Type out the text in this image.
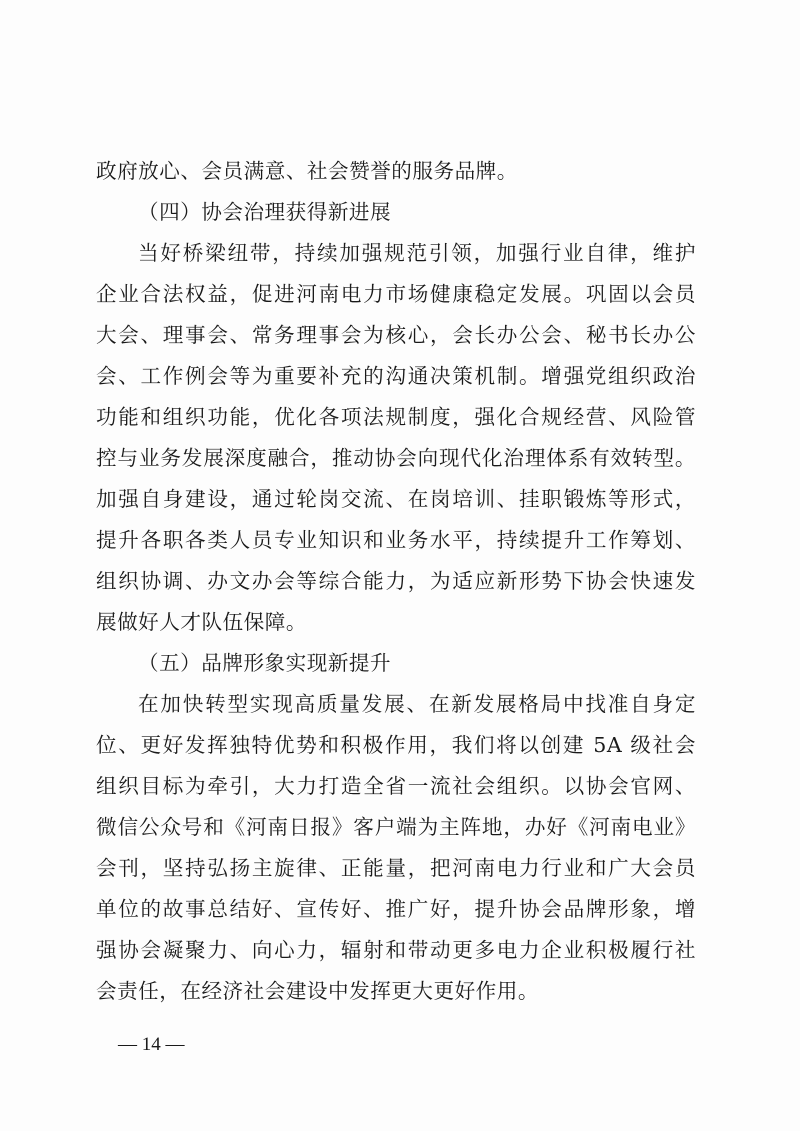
政府放心、会员满意、社会赞誉的服务品牌。
（四）协会治理获得新进展
当好桥梁纽带，持续加强规范引领，加强行业自律，维护
企业合法权益，促进河南电力市场健康稳定发展。巩固以会员
大会、理事会、常务理事会为核心，会长办公会、秘书长办公
会、工作例会等为重要补充的沟通决策机制。增强党组织政治
功能和组织功能，优化各项法规制度，强化合规经营、风险管
控与业务发展深度融合，推动协会向现代化治理体系有效转型。
加强自身建设，通过轮岗交流、在岗培训、挂职锻炼等形式，
提升各职各类人员专业知识和业务水平，持续提升工作筹划、
组织协调、办文办会等综合能力，为适应新形势下协会快速发
展做好人才队伍保障。
（五）品牌形象实现新提升
在加快转型实现高质量发展、在新发展格局中找准自身定
位、更好发挥独特优势和积极作用，我们将以创建 5A 级社会
组织目标为牵引，大力打造全省一流社会组织。以协会官网、
微信公众号和《河南日报》客户端为主阵地，办好《河南电业》
会刊，坚持弘扬主旋律、正能量，把河南电力行业和广大会员
单位的故事总结好、宣传好、推广好，提升协会品牌形象，增
强协会凝聚力、向心力，辐射和带动更多电力企业积极履行社
会责任，在经济社会建设中发挥更大更好作用。
— 14 —
